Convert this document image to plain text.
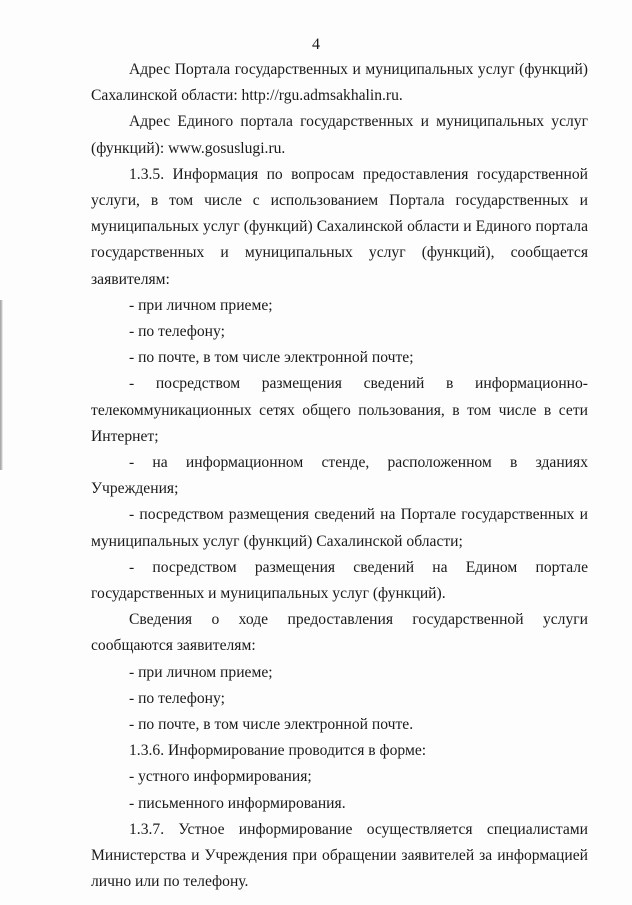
4

Адрес Портала государственных и муниципальных услуг (функций) Сахалинской области: http://rgu.admsakhalin.ru.

Адрес Единого портала государственных и муниципальных услуг (функций): www.gosuslugi.ru.

1.3.5. Информация по вопросам предоставления государственной услуги, в том числе с использованием Портала государственных и муниципальных услуг (функций) Сахалинской области и Единого портала государственных и муниципальных услуг (функций), сообщается заявителям:

- при личном приеме;

- по телефону;

- по почте, в том числе электронной почте;

- посредством размещения сведений в информационно-телекоммуникационных сетях общего пользования, в том числе в сети Интернет;

- на информационном стенде, расположенном в зданиях Учреждения;

- посредством размещения сведений на Портале государственных и муниципальных услуг (функций) Сахалинской области;

- посредством размещения сведений на Едином портале государственных и муниципальных услуг (функций).

Сведения о ходе предоставления государственной услуги сообщаются заявителям:

- при личном приеме;

- по телефону;

- по почте, в том числе электронной почте.

1.3.6. Информирование проводится в форме:

- устного информирования;

- письменного информирования.

1.3.7. Устное информирование осуществляется специалистами Министерства и Учреждения при обращении заявителей за информацией лично или по телефону.
